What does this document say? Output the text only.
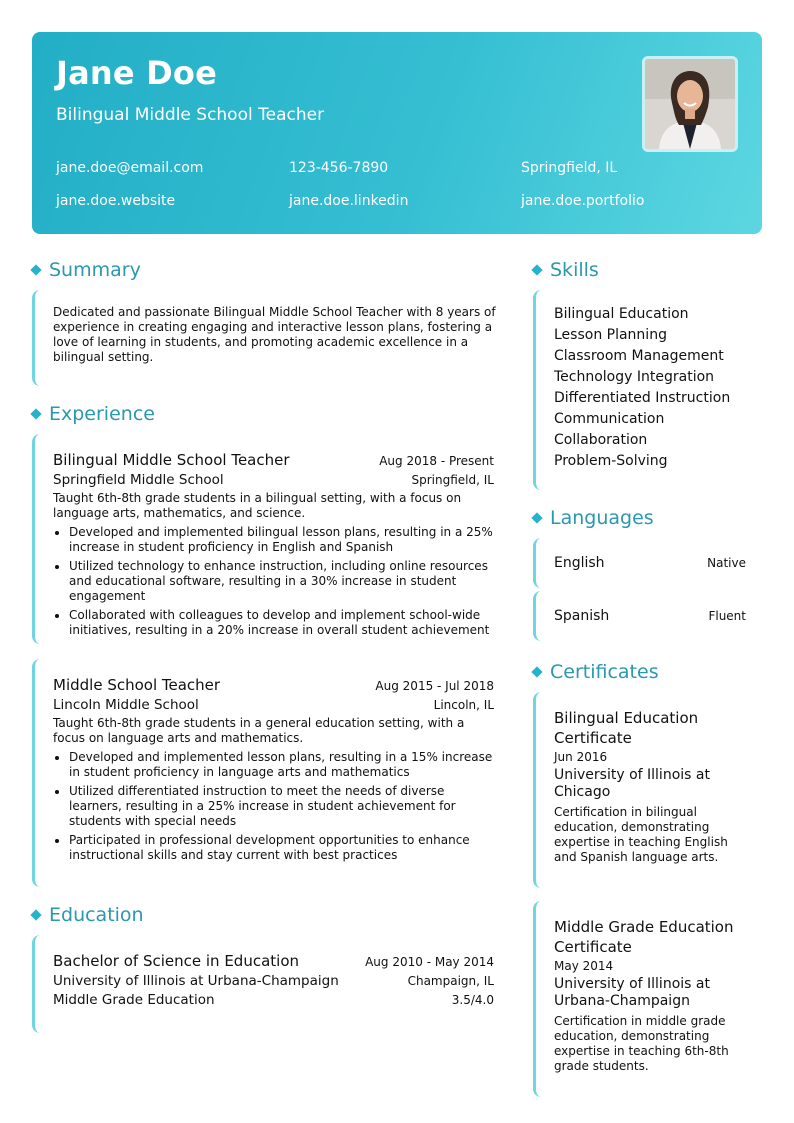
Jane Doe
Bilingual Middle School Teacher
jane.doe@email.com	123-456-7890	Springfield, IL
jane.doe.website	jane.doe.linkedin	jane.doe.portfolio
Summary
Dedicated and passionate Bilingual Middle School Teacher with 8 years of experience in creating engaging and interactive lesson plans, fostering a love of learning in students, and promoting academic excellence in a bilingual setting.
Experience
Bilingual Middle School Teacher	Aug 2018 - Present
Springfield Middle School	Springfield, IL
Taught 6th-8th grade students in a bilingual setting, with a focus on language arts, mathematics, and science.
Developed and implemented bilingual lesson plans, resulting in a 25% increase in student proficiency in English and Spanish
Utilized technology to enhance instruction, including online resources and educational software, resulting in a 30% increase in student engagement
Collaborated with colleagues to develop and implement school-wide initiatives, resulting in a 20% increase in overall student achievement
Middle School Teacher	Aug 2015 - Jul 2018
Lincoln Middle School	Lincoln, IL
Taught 6th-8th grade students in a general education setting, with a focus on language arts and mathematics.
Developed and implemented lesson plans, resulting in a 15% increase in student proficiency in language arts and mathematics
Utilized differentiated instruction to meet the needs of diverse learners, resulting in a 25% increase in student achievement for students with special needs
Participated in professional development opportunities to enhance instructional skills and stay current with best practices
Education
Bachelor of Science in Education	Aug 2010 - May 2014
University of Illinois at Urbana-Champaign	Champaign, IL
Middle Grade Education	3.5/4.0
Skills
Bilingual Education
Lesson Planning
Classroom Management
Technology Integration
Differentiated Instruction
Communication
Collaboration
Problem-Solving
Languages
English	Native
Spanish	Fluent
Certificates
Bilingual Education Certificate
Jun 2016
University of Illinois at Chicago
Certification in bilingual education, demonstrating expertise in teaching English and Spanish language arts.
Middle Grade Education Certificate
May 2014
University of Illinois at Urbana-Champaign
Certification in middle grade education, demonstrating expertise in teaching 6th-8th grade students.
